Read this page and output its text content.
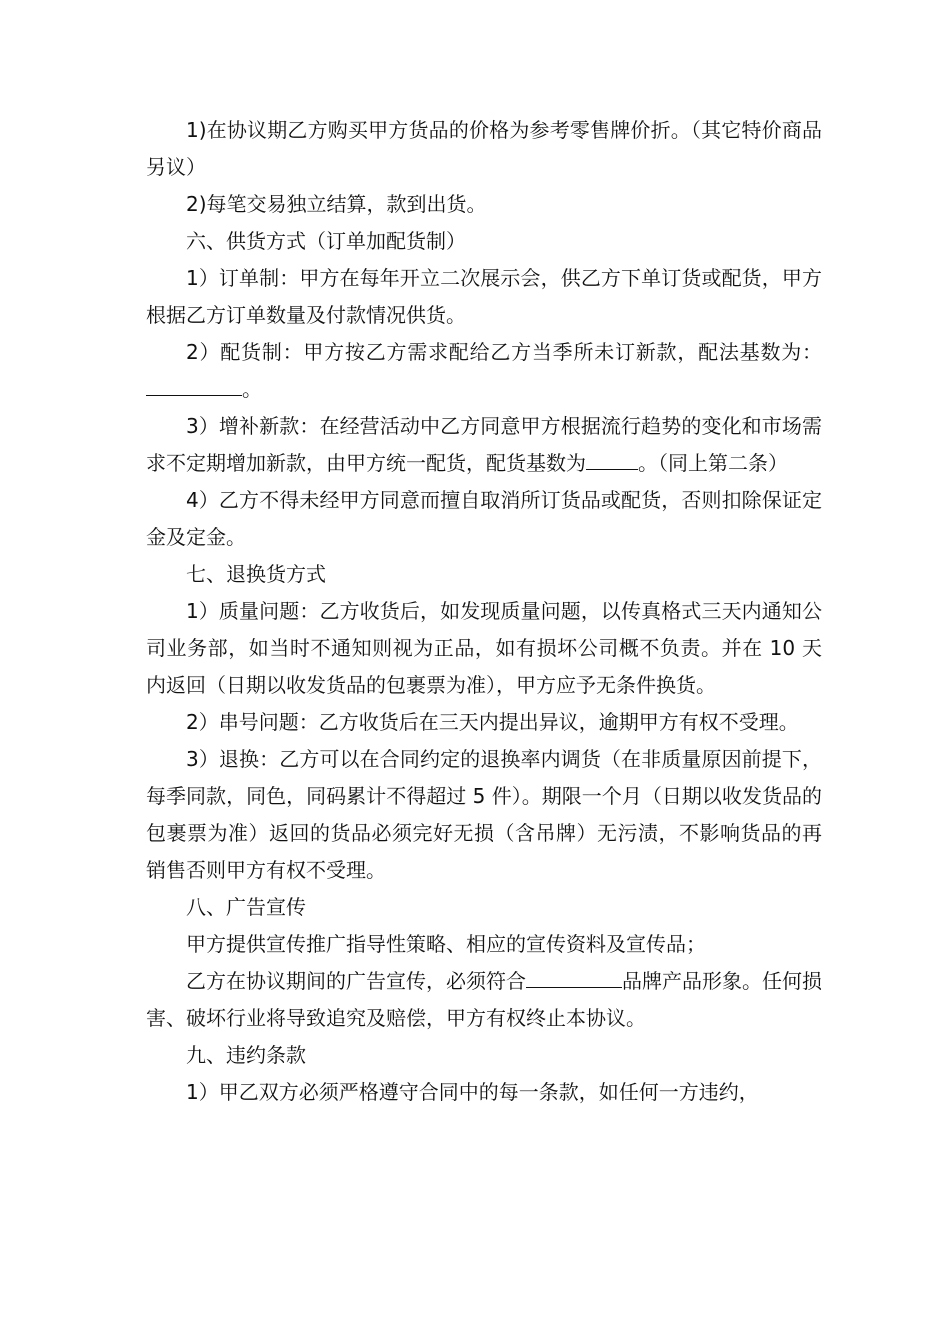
1)在协议期乙方购买甲方货品的价格为参考零售牌价折。（其它特价商品另议）

2)每笔交易独立结算，款到出货。

六、供货方式（订单加配货制）

1）订单制：甲方在每年开立二次展示会，供乙方下单订货或配货，甲方根据乙方订单数量及付款情况供货。

2）配货制：甲方按乙方需求配给乙方当季所未订新款，配法基数为：。

3）增补新款：在经营活动中乙方同意甲方根据流行趋势的变化和市场需求不定期增加新款，由甲方统一配货，配货基数为	。（同上第二条）

4）乙方不得未经甲方同意而擅自取消所订货品或配货，否则扣除保证定金及定金。

七、退换货方式

1）质量问题：乙方收货后，如发现质量问题，以传真格式三天内通知公司业务部，如当时不通知则视为正品，如有损坏公司概不负责。并在 10 天内返回（日期以收发货品的包裹票为准），甲方应予无条件换货。

2）串号问题：乙方收货后在三天内提出异议，逾期甲方有权不受理。

3）退换：乙方可以在合同约定的退换率内调货（在非质量原因前提下，每季同款，同色，同码累计不得超过 5 件）。期限一个月（日期以收发货品的包裹票为准）返回的货品必须完好无损（含吊牌）无污渍，不影响货品的再销售否则甲方有权不受理。

八、广告宣传

甲方提供宣传推广指导性策略、相应的宣传资料及宣传品；

乙方在协议期间的广告宣传，必须符合	品牌产品形象。任何损害、破坏行业将导致追究及赔偿，甲方有权终止本协议。

九、违约条款

1）甲乙双方必须严格遵守合同中的每一条款，如任何一方违约，
